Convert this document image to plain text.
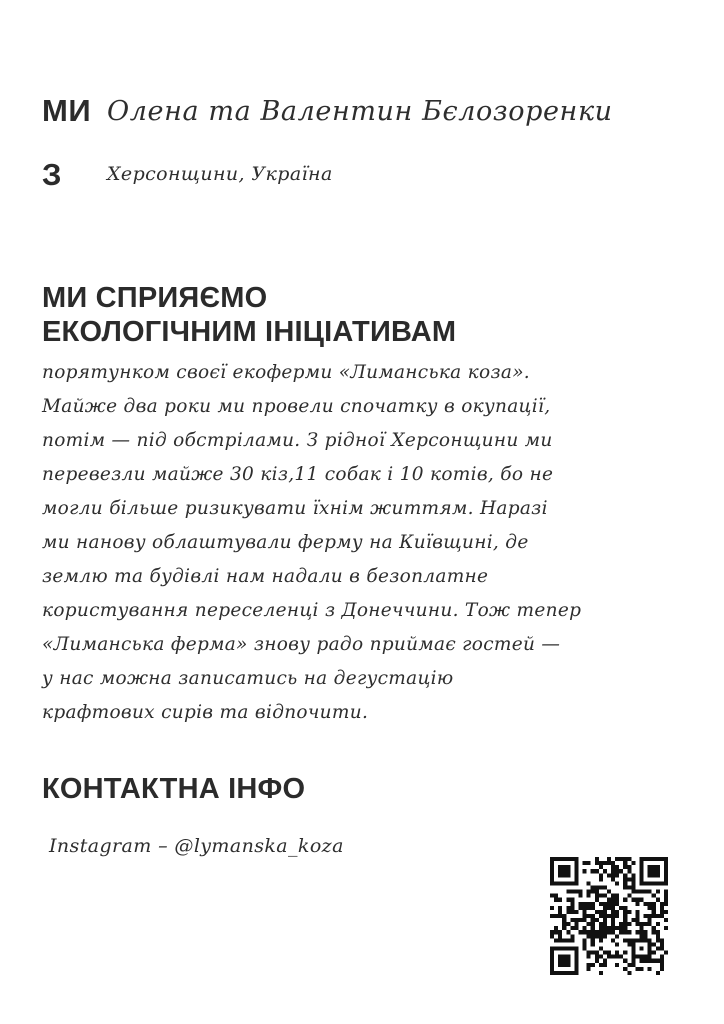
МИ Олена та Валентин Бєлозоренки
З Херсонщини, Україна
МИ СПРИЯЄМО
ЕКОЛОГІЧНИМ ІНІЦІАТИВАМ
порятунком своєї екоферми «Лиманська коза».
Майже два роки ми провели спочатку в окупації,
потім — під обстрілами. З рідної Херсонщини ми
перевезли майже 30 кіз,11 собак і 10 котів, бо не
могли більше ризикувати їхнім життям. Наразі
ми нанову облаштували ферму на Київщині, де
землю та будівлі нам надали в безоплатне
користування переселенці з Донеччини. Тож тепер
«Лиманська ферма» знову радо приймає гостей —
у нас можна записатись на дегустацію
крафтових сирів та відпочити.
КОНТАКТНА ІНФО
Instagram – @lymanska_koza
